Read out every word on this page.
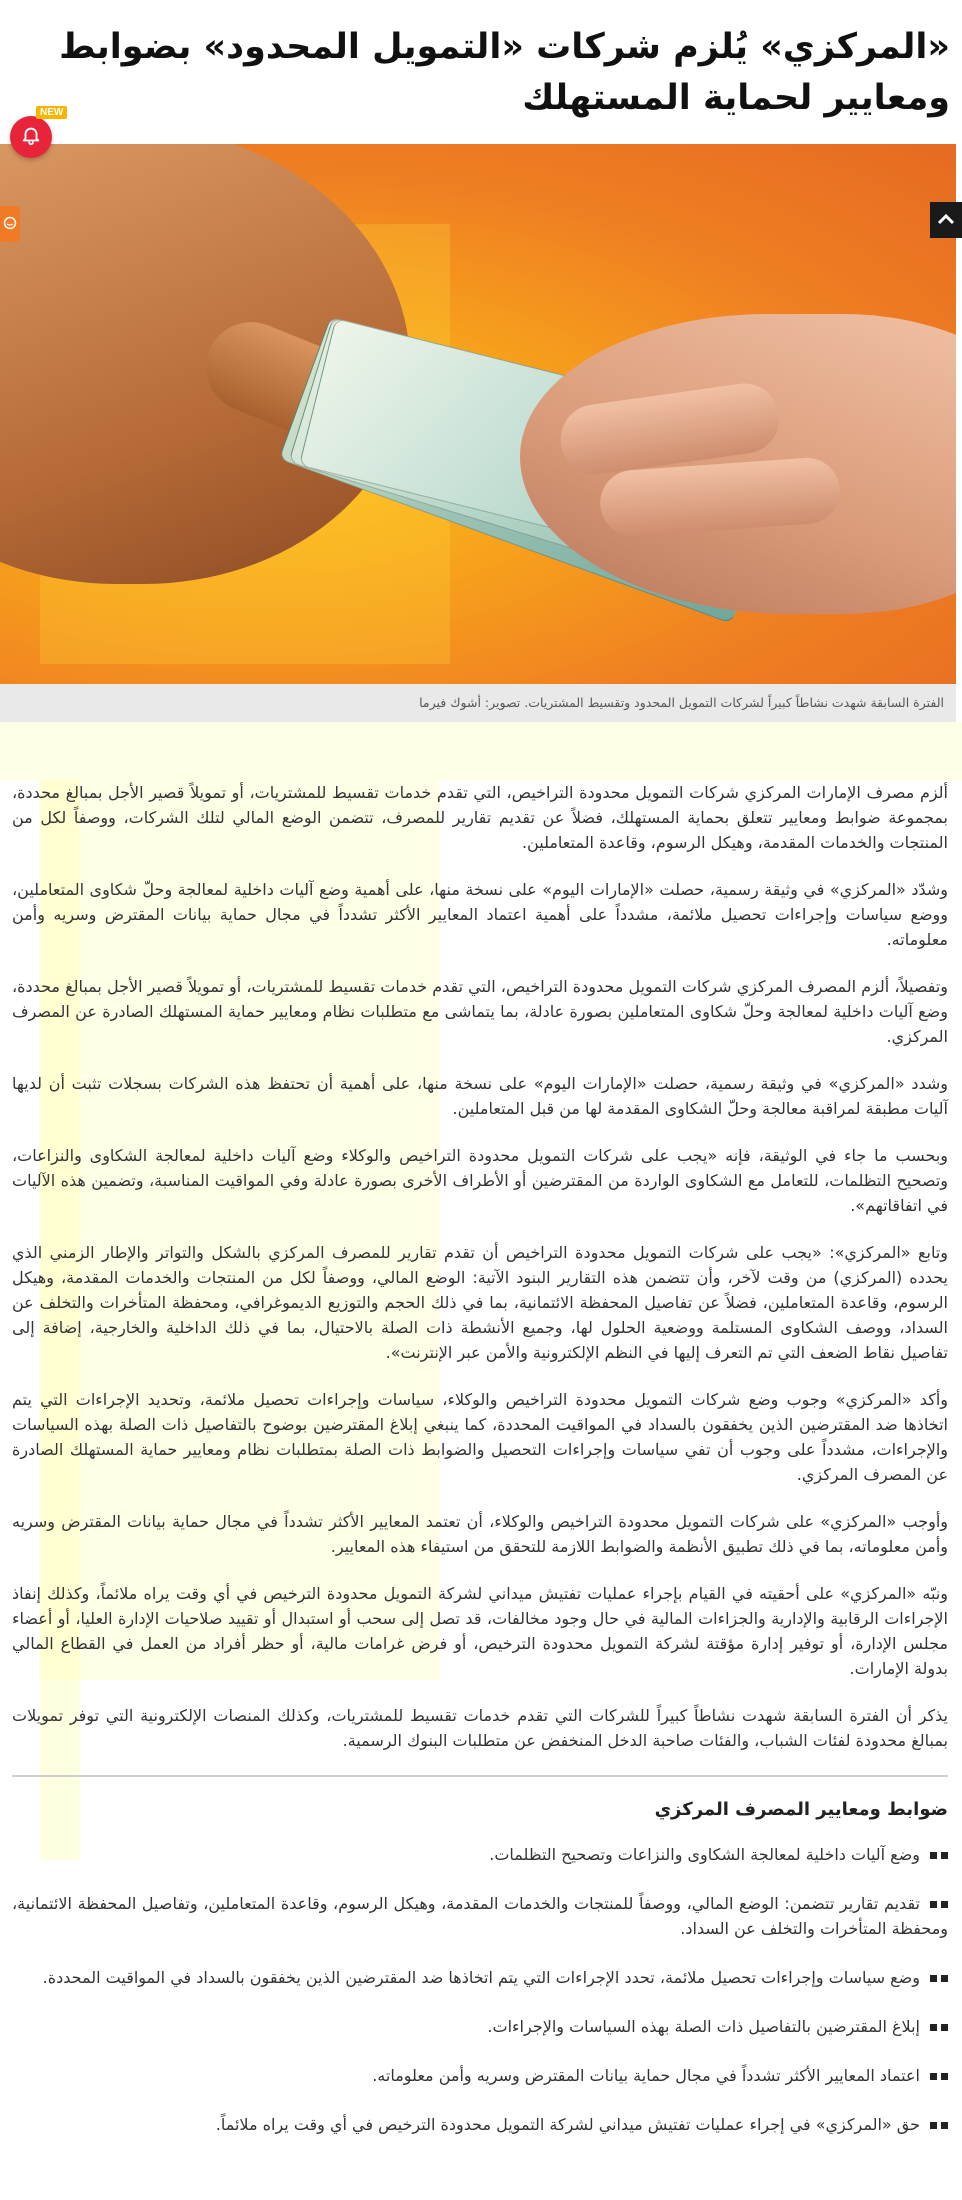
«المركزي» يُلزم شركات «التمويل المحدود» بضوابط ومعايير لحماية المستهلك
NEW
الفترة السابقة شهدت نشاطاً كبيراً لشركات التمويل المحدود وتقسيط المشتريات. تصوير: أشوك فيرما

ألزم مصرف الإمارات المركزي شركات التمويل محدودة التراخيص، التي تقدم خدمات تقسيط للمشتريات، أو تمويلاً قصير الأجل بمبالغ محددة، بمجموعة ضوابط ومعايير تتعلق بحماية المستهلك، فضلاً عن تقديم تقارير للمصرف، تتضمن الوضع المالي لتلك الشركات، ووصفاً لكل من المنتجات والخدمات المقدمة، وهيكل الرسوم، وقاعدة المتعاملين.

وشدّد «المركزي» في وثيقة رسمية، حصلت «الإمارات اليوم» على نسخة منها، على أهمية وضع آليات داخلية لمعالجة وحلّ شكاوى المتعاملين، ووضع سياسات وإجراءات تحصيل ملائمة، مشدداً على أهمية اعتماد المعايير الأكثر تشدداً في مجال حماية بيانات المقترض وسريه وأمن معلوماته.

وتفصيلاً، ألزم المصرف المركزي شركات التمويل محدودة التراخيص، التي تقدم خدمات تقسيط للمشتريات، أو تمويلاً قصير الأجل بمبالغ محددة، وضع آليات داخلية لمعالجة وحلّ شكاوى المتعاملين بصورة عادلة، بما يتماشى مع متطلبات نظام ومعايير حماية المستهلك الصادرة عن المصرف المركزي.

وشدد «المركزي» في وثيقة رسمية، حصلت «الإمارات اليوم» على نسخة منها، على أهمية أن تحتفظ هذه الشركات بسجلات تثبت أن لديها آليات مطبقة لمراقبة معالجة وحلّ الشكاوى المقدمة لها من قبل المتعاملين.

وبحسب ما جاء في الوثيقة، فإنه «يجب على شركات التمويل محدودة التراخيص والوكلاء وضع آليات داخلية لمعالجة الشكاوى والنزاعات، وتصحيح التظلمات، للتعامل مع الشكاوى الواردة من المقترضين أو الأطراف الأخرى بصورة عادلة وفي المواقيت المناسبة، وتضمين هذه الآليات في اتفاقاتهم».

وتابع «المركزي»: «يجب على شركات التمويل محدودة التراخيص أن تقدم تقارير للمصرف المركزي بالشكل والتواتر والإطار الزمني الذي يحدده (المركزي) من وقت لآخر، وأن تتضمن هذه التقارير البنود الآتية: الوضع المالي، ووصفاً لكل من المنتجات والخدمات المقدمة، وهيكل الرسوم، وقاعدة المتعاملين، فضلاً عن تفاصيل المحفظة الائتمانية، بما في ذلك الحجم والتوزيع الديموغرافي، ومحفظة المتأخرات والتخلف عن السداد، ووصف الشكاوى المستلمة ووضعية الحلول لها، وجميع الأنشطة ذات الصلة بالاحتيال، بما في ذلك الداخلية والخارجية، إضافة إلى تفاصيل نقاط الضعف التي تم التعرف إليها في النظم الإلكترونية والأمن عبر الإنترنت».

وأكد «المركزي» وجوب وضع شركات التمويل محدودة التراخيص والوكلاء، سياسات وإجراءات تحصيل ملائمة، وتحديد الإجراءات التي يتم اتخاذها ضد المقترضين الذين يخفقون بالسداد في المواقيت المحددة، كما ينبغي إبلاغ المقترضين بوضوح بالتفاصيل ذات الصلة بهذه السياسات والإجراءات، مشدداً على وجوب أن تفي سياسات وإجراءات التحصيل والضوابط ذات الصلة بمتطلبات نظام ومعايير حماية المستهلك الصادرة عن المصرف المركزي.

وأوجب «المركزي» على شركات التمويل محدودة التراخيص والوكلاء، أن تعتمد المعايير الأكثر تشدداً في مجال حماية بيانات المقترض وسريه وأمن معلوماته، بما في ذلك تطبيق الأنظمة والضوابط اللازمة للتحقق من استيفاء هذه المعايير.

ونبّه «المركزي» على أحقيته في القيام بإجراء عمليات تفتيش ميداني لشركة التمويل محدودة الترخيص في أي وقت يراه ملائماً، وكذلك إنفاذ الإجراءات الرقابية والإدارية والجزاءات المالية في حال وجود مخالفات، قد تصل إلى سحب أو استبدال أو تقييد صلاحيات الإدارة العليا، أو أعضاء مجلس الإدارة، أو توفير إدارة مؤقتة لشركة التمويل محدودة الترخيص، أو فرض غرامات مالية، أو حظر أفراد من العمل في القطاع المالي بدولة الإمارات.

يذكر أن الفترة السابقة شهدت نشاطاً كبيراً للشركات التي تقدم خدمات تقسيط للمشتريات، وكذلك المنصات الإلكترونية التي توفر تمويلات بمبالغ محدودة لفئات الشباب، والفئات صاحبة الدخل المنخفض عن متطلبات البنوك الرسمية.

ضوابط ومعايير المصرف المركزي
وضع آليات داخلية لمعالجة الشكاوى والنزاعات وتصحيح التظلمات.
تقديم تقارير تتضمن: الوضع المالي، ووصفاً للمنتجات والخدمات المقدمة، وهيكل الرسوم، وقاعدة المتعاملين، وتفاصيل المحفظة الائتمانية، ومحفظة المتأخرات والتخلف عن السداد.
وضع سياسات وإجراءات تحصيل ملائمة، تحدد الإجراءات التي يتم اتخاذها ضد المقترضين الذين يخفقون بالسداد في المواقيت المحددة.
إبلاغ المقترضين بالتفاصيل ذات الصلة بهذه السياسات والإجراءات.
اعتماد المعايير الأكثر تشدداً في مجال حماية بيانات المقترض وسريه وأمن معلوماته.
حق «المركزي» في إجراء عمليات تفتيش ميداني لشركة التمويل محدودة الترخيص في أي وقت يراه ملائماً.
